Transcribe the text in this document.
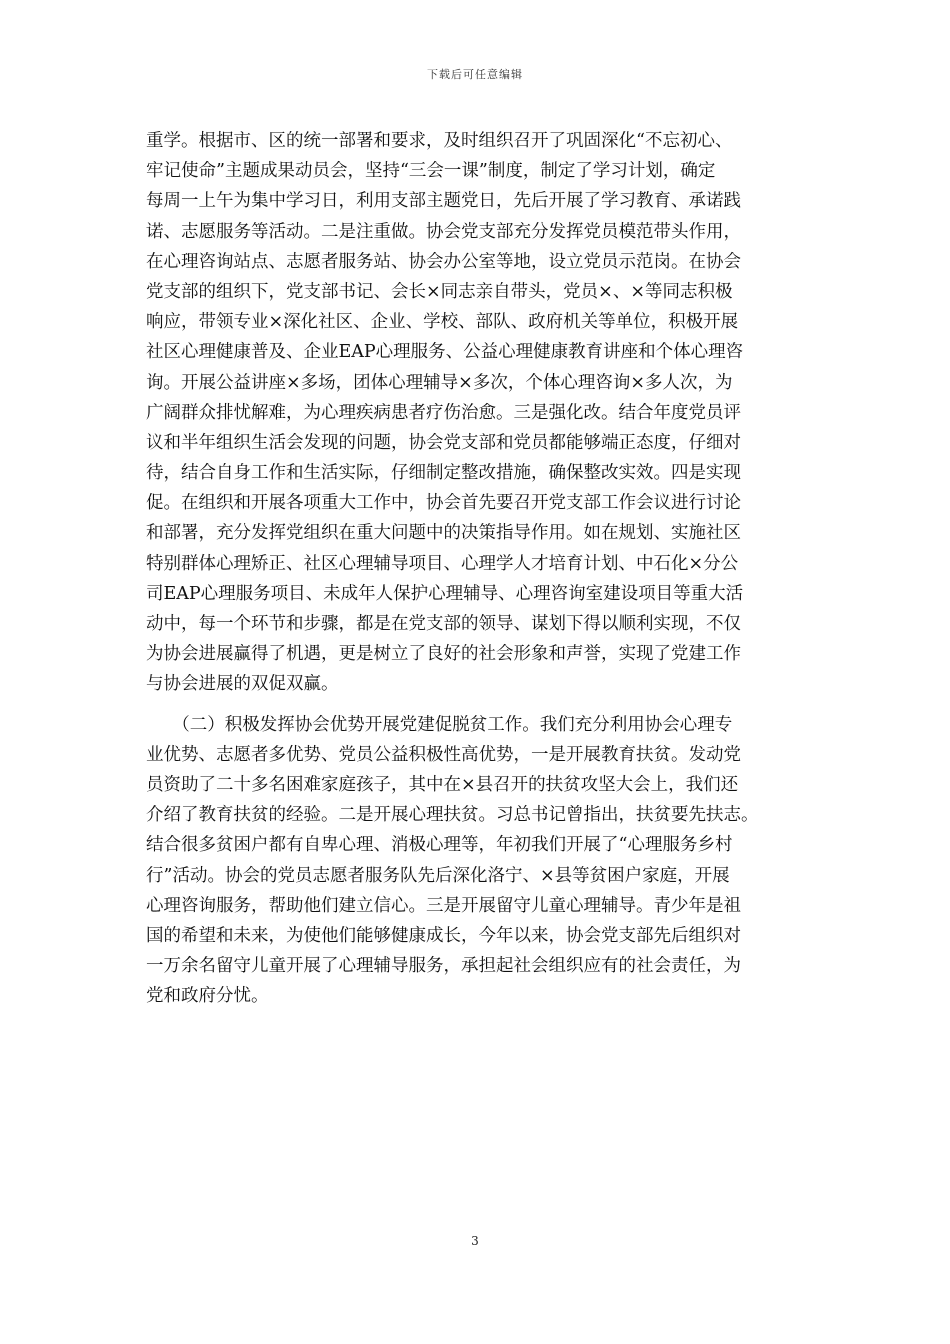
下载后可任意编辑
重学。根据市、区的统一部署和要求，及时组织召开了巩固深化“不忘初心、
牢记使命”主题成果动员会，坚持“三会一课”制度，制定了学习计划，确定
每周一上午为集中学习日，利用支部主题党日，先后开展了学习教育、承诺践
诺、志愿服务等活动。二是注重做。协会党支部充分发挥党员模范带头作用，
在心理咨询站点、志愿者服务站、协会办公室等地，设立党员示范岗。在协会
党支部的组织下，党支部书记、会长×同志亲自带头，党员×、×等同志积极
响应，带领专业×深化社区、企业、学校、部队、政府机关等单位，积极开展
社区心理健康普及、企业EAP心理服务、公益心理健康教育讲座和个体心理咨
询。开展公益讲座×多场，团体心理辅导×多次，个体心理咨询×多人次，为
广阔群众排忧解难，为心理疾病患者疗伤治愈。三是强化改。结合年度党员评
议和半年组织生活会发现的问题，协会党支部和党员都能够端正态度，仔细对
待，结合自身工作和生活实际，仔细制定整改措施，确保整改实效。四是实现
促。在组织和开展各项重大工作中，协会首先要召开党支部工作会议进行讨论
和部署，充分发挥党组织在重大问题中的决策指导作用。如在规划、实施社区
特别群体心理矫正、社区心理辅导项目、心理学人才培育计划、中石化×分公
司EAP心理服务项目、未成年人保护心理辅导、心理咨询室建设项目等重大活
动中，每一个环节和步骤，都是在党支部的领导、谋划下得以顺利实现，不仅
为协会进展赢得了机遇，更是树立了良好的社会形象和声誉，实现了党建工作
与协会进展的双促双赢。
　　（二）积极发挥协会优势开展党建促脱贫工作。我们充分利用协会心理专
业优势、志愿者多优势、党员公益积极性高优势，一是开展教育扶贫。发动党
员资助了二十多名困难家庭孩子，其中在×县召开的扶贫攻坚大会上，我们还
介绍了教育扶贫的经验。二是开展心理扶贫。习总书记曾指出，扶贫要先扶志。
结合很多贫困户都有自卑心理、消极心理等，年初我们开展了“心理服务乡村
行”活动。协会的党员志愿者服务队先后深化洛宁、×县等贫困户家庭，开展
心理咨询服务，帮助他们建立信心。三是开展留守儿童心理辅导。青少年是祖
国的希望和未来，为使他们能够健康成长，今年以来，协会党支部先后组织对
一万余名留守儿童开展了心理辅导服务，承担起社会组织应有的社会责任，为
党和政府分忧。
3
